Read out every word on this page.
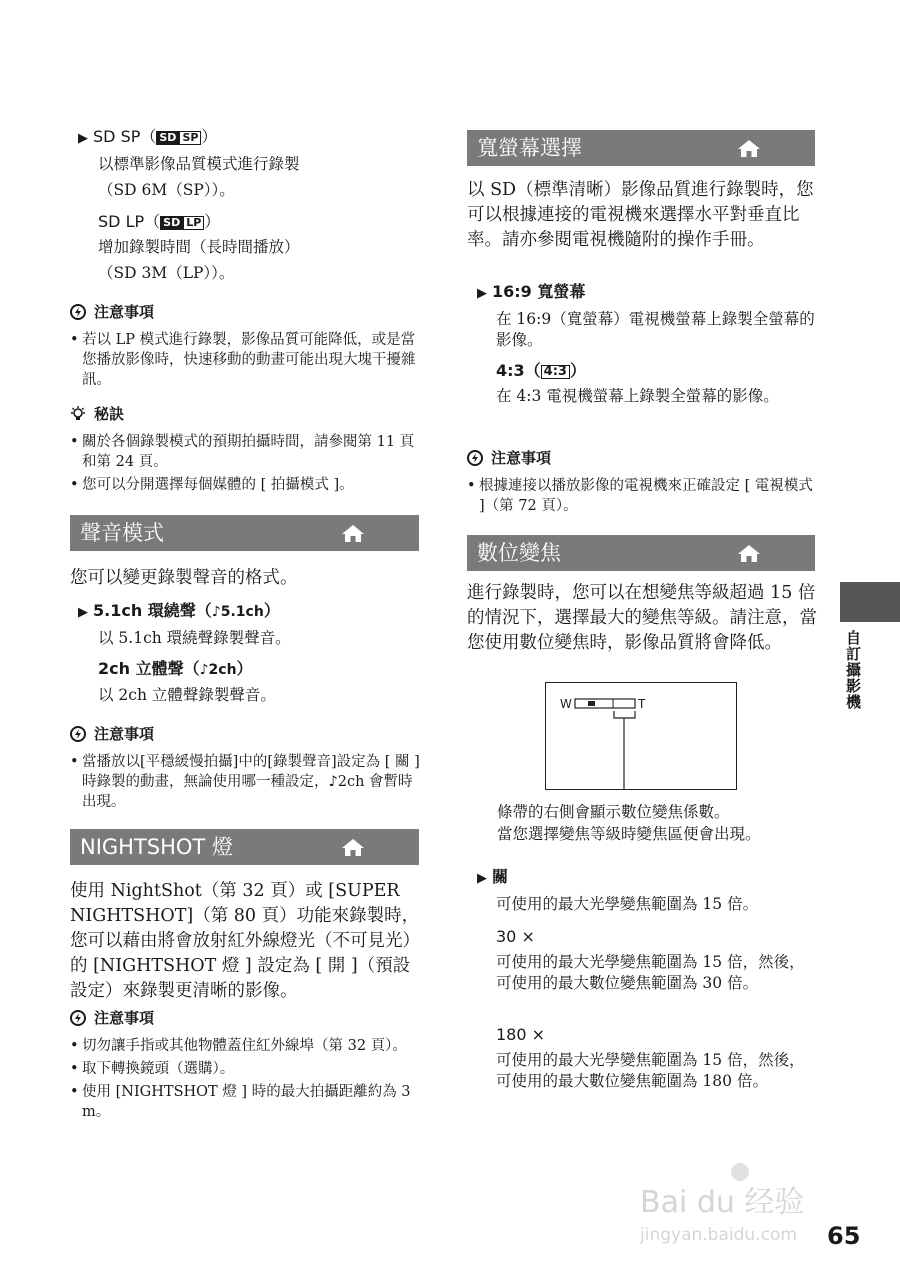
▶ SD SP（ SD SP ）

以標準影像品質模式進行錄製

（SD 6M（SP））。

SD LP（ SD LP ）

增加錄製時間（長時間播放）

（SD 3M（LP））。

注意事項

• 若以 LP 模式進行錄製，影像品質可能降低，或是當您播放影像時，快速移動的動畫可能出現大塊干擾雜訊。

秘訣

• 關於各個錄製模式的預期拍攝時間，請參閱第 11 頁和第 24 頁。
• 您可以分開選擇每個媒體的 [ 拍攝模式 ]。
聲音模式

您可以變更錄製聲音的格式。

▶ 5.1ch 環繞聲（♪5.1ch）

以 5.1ch 環繞聲錄製聲音。

2ch 立體聲（♪2ch）

以 2ch 立體聲錄製聲音。

注意事項

• 當播放以[平穩緩慢拍攝]中的[錄製聲音]設定為 [ 關 ] 時錄製的動畫，無論使用哪一種設定，♪2ch 會暫時出現。
NIGHTSHOT 燈

使用 NightShot（第 32 頁）或 [SUPER NIGHTSHOT]（第 80 頁）功能來錄製時，您可以藉由將會放射紅外線燈光（不可見光）的 [NIGHTSHOT 燈 ] 設定為 [ 開 ]（預設設定）來錄製更清晰的影像。

注意事項

• 切勿讓手指或其他物體蓋住紅外線埠（第 32 頁）。
• 取下轉換鏡頭（選購）。
• 使用 [NIGHTSHOT 燈 ] 時的最大拍攝距離約為 3 m。
寬螢幕選擇

以 SD（標準清晰）影像品質進行錄製時，您可以根據連接的電視機來選擇水平對垂直比率。請亦參閱電視機隨附的操作手冊。

▶ 16:9 寬螢幕

在 16:9（寬螢幕）電視機螢幕上錄製全螢幕的影像。

4:3（ 4:3 ）

在 4:3 電視機螢幕上錄製全螢幕的影像。

注意事項

• 根據連接以播放影像的電視機來正確設定 [ 電視模式 ]（第 72 頁）。
數位變焦

進行錄製時，您可以在想變焦等級超過 15 倍的情況下，選擇最大的變焦等級。請注意，當您使用數位變焦時，影像品質將會降低。

條帶的右側會顯示數位變焦係數。

當您選擇變焦等級時變焦區便會出現。

▶ 關

可使用的最大光學變焦範圍為 15 倍。

30 ×

可使用的最大光學變焦範圍為 15 倍，然後，可使用的最大數位變焦範圍為 30 倍。

180 ×

可使用的最大光學變焦範圍為 15 倍，然後，可使用的最大數位變焦範圍為 180 倍。

W	T	自訂攝影機
Bai du 经验
jingyan.baidu.com 65
